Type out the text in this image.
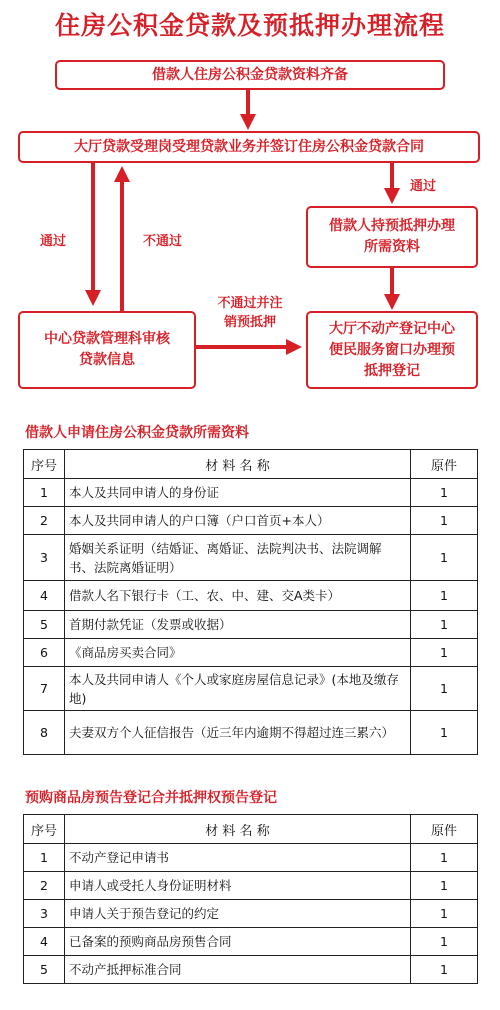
住房公积金贷款及预抵押办理流程
借款人住房公积金贷款资料齐备
大厅贷款受理岗受理贷款业务并签订住房公积金贷款合同
借款人持预抵押办理
所需资料
中心贷款管理科审核
贷款信息
大厅不动产登记中心
便民服务窗口办理预
抵押登记
通过
通过	不通过
不通过并注
销预抵押
借款人申请住房公积金贷款所需资料
序号	材 料 名 称	原件
1	本人及共同申请人的身份证	1
2	本人及共同申请人的户口簿（户口首页+本人）	1
3	婚姻关系证明（结婚证、离婚证、法院判决书、法院调解书、法院离婚证明）	1
4	借款人名下银行卡（工、农、中、建、交A类卡）	1
5	首期付款凭证（发票或收据）	1
6	《商品房买卖合同》	1
7	本人及共同申请人《个人或家庭房屋信息记录》(本地及缴存地)	1
8	夫妻双方个人征信报告（近三年内逾期不得超过连三累六）	1
预购商品房预告登记合并抵押权预告登记
序号	材 料 名 称	原件
1	不动产登记申请书	1
2	申请人或受托人身份证明材料	1
3	申请人关于预告登记的约定	1
4	已备案的预购商品房预售合同	1
5	不动产抵押标准合同	1
